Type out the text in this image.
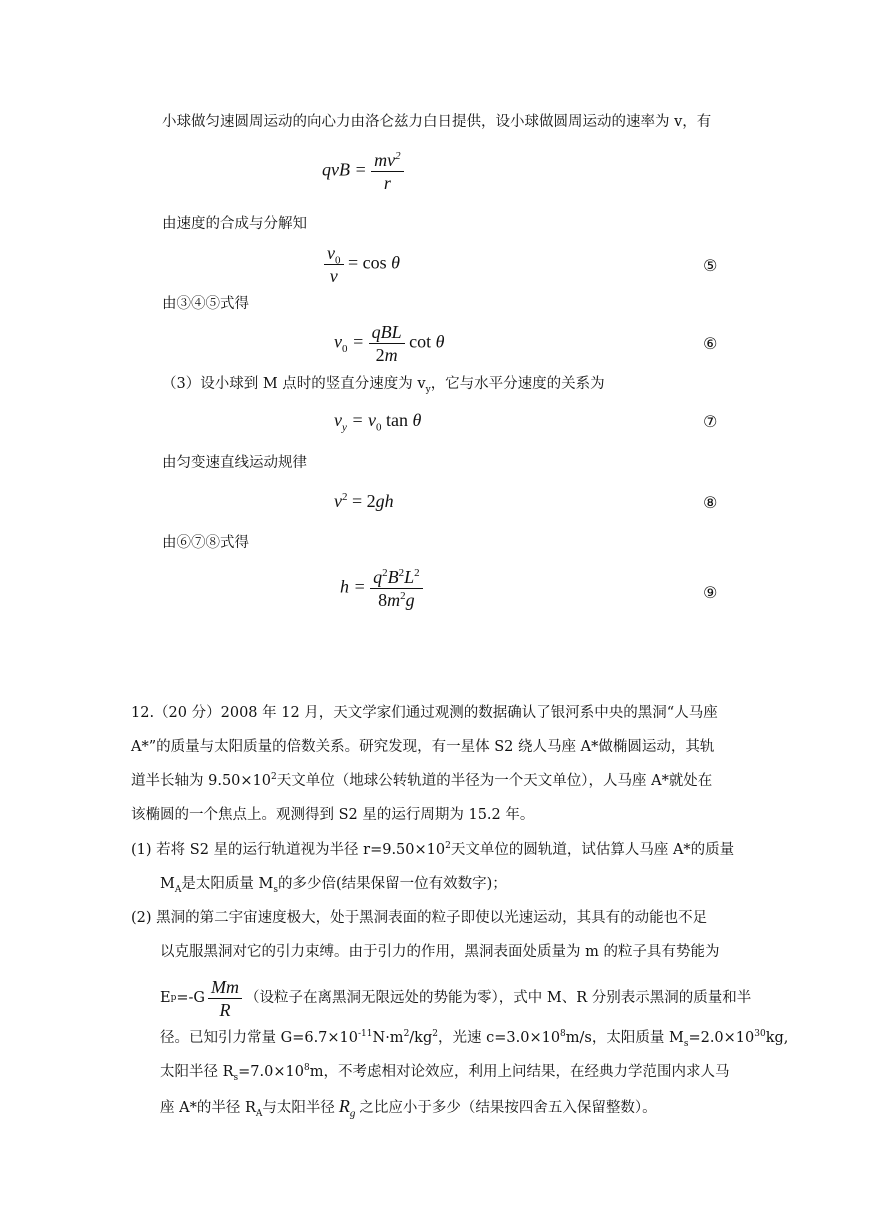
小球做匀速圆周运动的向心力由洛仑兹力白日提供，设小球做圆周运动的速率为 v，有
qvB = $\frac{mv^2}{r}$
由速度的合成与分解知
$\frac{v_0}{v} = \cos \theta$	⑤
由③④⑤式得
$v_0 = \frac{\text{qBL}}{2m}$ cot θ	⑥
（3）设小球到 M 点时的竖直分速度为 $v_y$，它与水平分速度的关系为
$v_y = v_0$ tan θ	⑦
由匀变速直线运动规律
$v^2 = 2gh$	⑧
由⑥⑦⑧式得
$h = \frac{q^2B^2L^2}{8m^2g}$	⑨
12.（20 分）2008 年 12 月，天文学家们通过观测的数据确认了银河系中央的黑洞“人马座
A*”的质量与太阳质量的倍数关系。研究发现，有一星体 S2 绕人马座 A*做椭圆运动，其轨
道半长轴为 $9.50\times 10^2$天文单位（地球公转轨道的半径为一个天文单位），人马座 A*就处在
该椭圆的一个焦点上。观测得到 S2 星的运行周期为 15.2 年。
(1) 若将 S2 星的运行轨道视为半径 $r=9.50\times 10^2$天文单位的圆轨道，试估算人马座 A*的质量
$M_A$是太阳质量 $M_s$的多少倍(结果保留一位有效数字)；
(2) 黑洞的第二宇宙速度极大，处于黑洞表面的粒子即使以光速运动，其具有的动能也不足
以克服黑洞对它的引力束缚。由于引力的作用，黑洞表面处质量为 m 的粒子具有势能为
E $p =-G \frac{Mm}{R}$ （设粒子在离黑洞无限远处的势能为零），式中 M、R 分别表示黑洞的质量和半
径。已知引力常量 $G=6.7\times 10^{-11}N\cdot m^2/kg^2$，光速 $c=3.0\times 10^8m/s$，太阳质量 $M_s=2.0\times 10^{30}kg$,
太阳半径 $R_s=7.0\times 10^8m$，不考虑相对论效应，利用上问结果，在经典力学范围内求人马
座 A*的半径 $R_A$与太阳半径 $R_g$ 之比应小于多少（结果按四舍五入保留整数）。
